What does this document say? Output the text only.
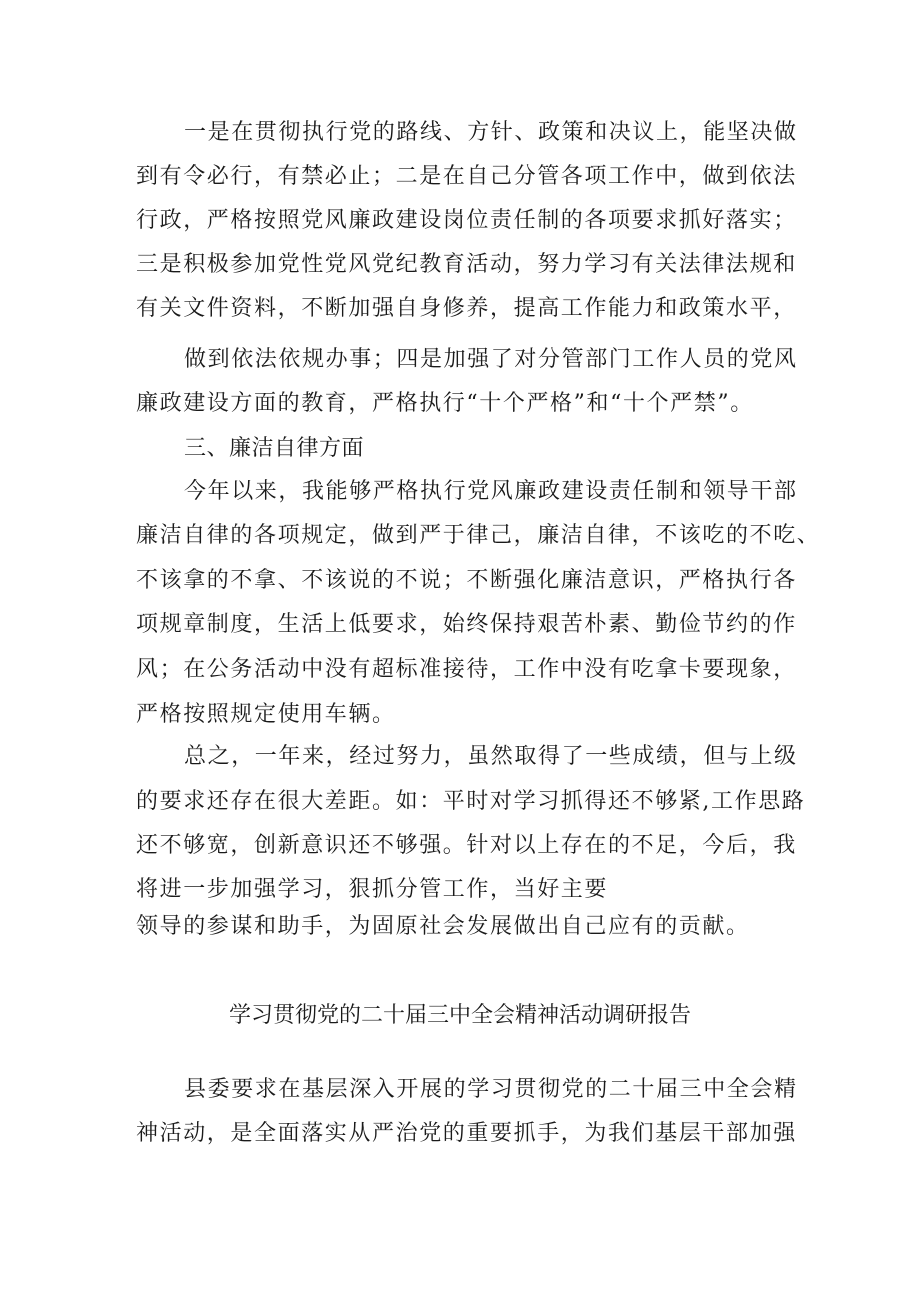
一是在贯彻执行党的路线、方针、政策和决议上，能坚决做
到有令必行，有禁必止；二是在自己分管各项工作中，做到依法
行政，严格按照党风廉政建设岗位责任制的各项要求抓好落实；
三是积极参加党性党风党纪教育活动，努力学习有关法律法规和
有关文件资料，不断加强自身修养，提高工作能力和政策水平，
做到依法依规办事；四是加强了对分管部门工作人员的党风
廉政建设方面的教育，严格执行“十个严格”和“十个严禁”。
三、廉洁自律方面
今年以来，我能够严格执行党风廉政建设责任制和领导干部
廉洁自律的各项规定，做到严于律己，廉洁自律，不该吃的不吃、
不该拿的不拿、不该说的不说；不断强化廉洁意识，严格执行各
项规章制度，生活上低要求，始终保持艰苦朴素、勤俭节约的作
风；在公务活动中没有超标准接待，工作中没有吃拿卡要现象，
严格按照规定使用车辆。
总之，一年来，经过努力，虽然取得了一些成绩，但与上级
的要求还存在很大差距。如：平时对学习抓得还不够紧,工作思路
还不够宽，创新意识还不够强。针对以上存在的不足，今后，我
将进一步加强学习，狠抓分管工作，当好主要
领导的参谋和助手，为固原社会发展做出自己应有的贡献。
学习贯彻党的二十届三中全会精神活动调研报告
县委要求在基层深入开展的学习贯彻党的二十届三中全会精
神活动，是全面落实从严治党的重要抓手，为我们基层干部加强
